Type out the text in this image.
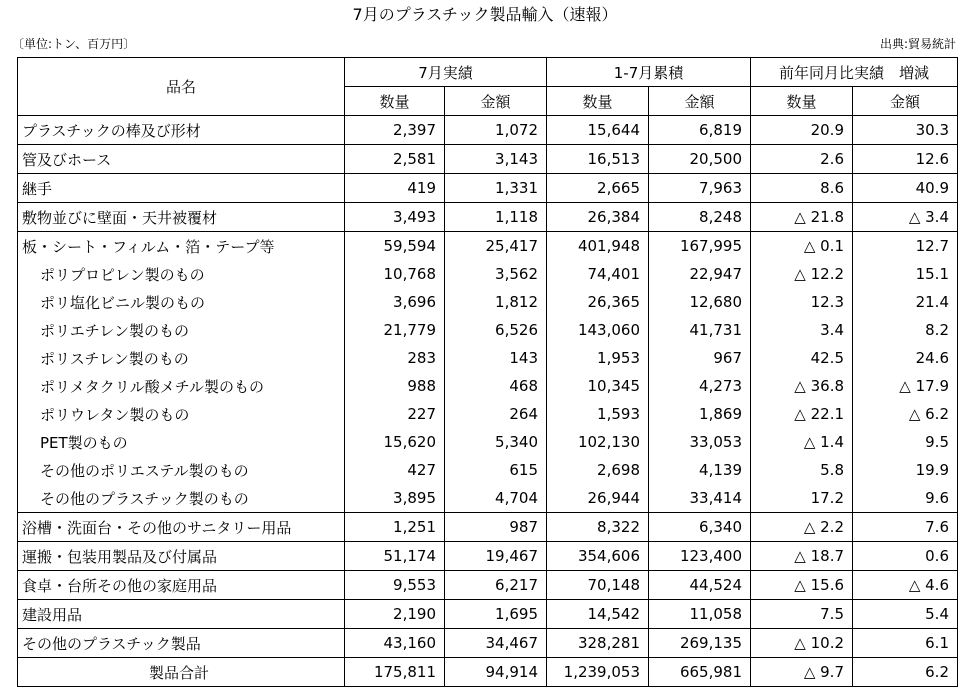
7月のプラスチック製品輸入（速報）
〔単位:トン、百万円〕	出典:貿易統計
品名	7月実績		1-7月累積		前年同月比実績　増減	
	数量	金額	数量	金額	数量	金額
プラスチックの棒及び形材	2,397	1,072	15,644	6,819	20.9	30.3
管及びホース	2,581	3,143	16,513	20,500	2.6	12.6
継手	419	1,331	2,665	7,963	8.6	40.9
敷物並びに壁面・天井被覆材	3,493	1,118	26,384	8,248	△ 21.8	△ 3.4
板・シート・フィルム・箔・テープ等	59,594	25,417	401,948	167,995	△ 0.1	12.7
ポリプロピレン製のもの	10,768	3,562	74,401	22,947	△ 12.2	15.1
ポリ塩化ビニル製のもの	3,696	1,812	26,365	12,680	12.3	21.4
ポリエチレン製のもの	21,779	6,526	143,060	41,731	3.4	8.2
ポリスチレン製のもの	283	143	1,953	967	42.5	24.6
ポリメタクリル酸メチル製のもの	988	468	10,345	4,273	△ 36.8	△ 17.9
ポリウレタン製のもの	227	264	1,593	1,869	△ 22.1	△ 6.2
PET製のもの	15,620	5,340	102,130	33,053	△ 1.4	9.5
その他のポリエステル製のもの	427	615	2,698	4,139	5.8	19.9
その他のプラスチック製のもの	3,895	4,704	26,944	33,414	17.2	9.6
浴槽・洗面台・その他のサニタリー用品	1,251	987	8,322	6,340	△ 2.2	7.6
運搬・包装用製品及び付属品	51,174	19,467	354,606	123,400	△ 18.7	0.6
食卓・台所その他の家庭用品	9,553	6,217	70,148	44,524	△ 15.6	△ 4.6
建設用品	2,190	1,695	14,542	11,058	7.5	5.4
その他のプラスチック製品	43,160	34,467	328,281	269,135	△ 10.2	6.1
製品合計	175,811	94,914	1,239,053	665,981	△ 9.7	6.2
